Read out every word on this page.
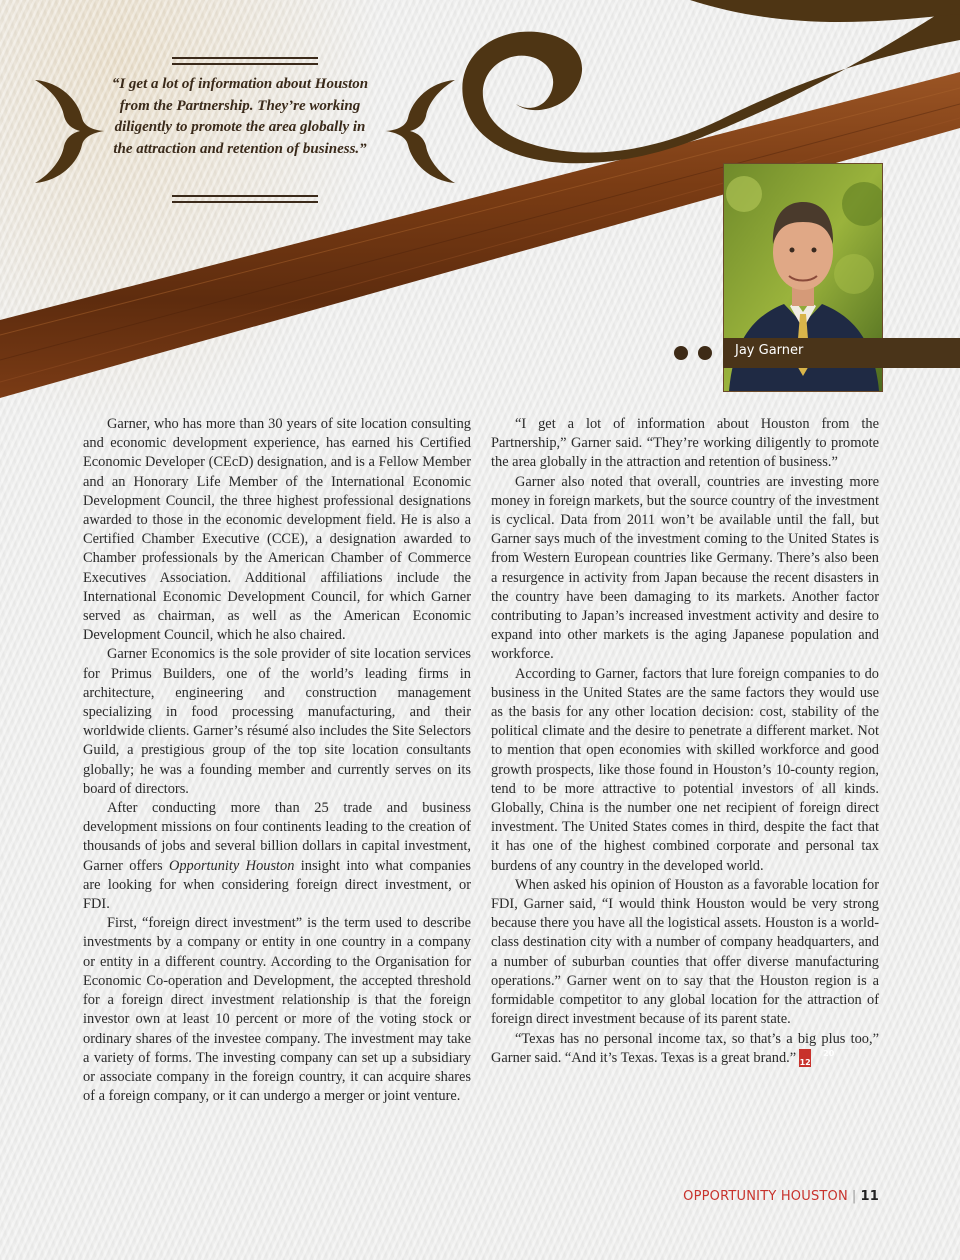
“I get a lot of information about Houston from the Partnership. They’re working diligently to promote the area globally in the attraction and retention of business.”
Jay Garner

Garner, who has more than 30 years of site location consulting and economic development experience, has earned his Certified Economic Developer (CEcD) designation, and is a Fellow Member and an Honorary Life Member of the International Economic Development Council, the three highest professional designations awarded to those in the economic development field. He is also a Certified Chamber Executive (CCE), a designation awarded to Chamber professionals by the American Chamber of Commerce Executives Association. Additional affiliations include the International Economic Development Council, for which Garner served as chairman, as well as the American Economic Development Council, which he also chaired.

Garner Economics is the sole provider of site location services for Primus Builders, one of the world’s leading firms in architecture, engineering and construction management specializing in food processing manufacturing, and their worldwide clients. Garner’s résumé also includes the Site Selectors Guild, a prestigious group of the top site location consultants globally; he was a founding member and currently serves on its board of directors.

After conducting more than 25 trade and business development missions on four continents leading to the creation of thousands of jobs and several billion dollars in capital investment, Garner offers Opportunity Houston insight into what companies are looking for when considering foreign direct investment, or FDI.

First, “foreign direct investment” is the term used to describe investments by a company or entity in one country in a company or entity in a different country. According to the Organisation for Economic Co-operation and Development, the accepted threshold for a foreign direct investment relationship is that the foreign investor own at least 10 percent or more of the voting stock or ordinary shares of the investee company. The investment may take a variety of forms. The investing company can set up a subsidiary or associate company in the foreign country, it can acquire shares of a foreign company, or it can undergo a merger or joint venture.

“I get a lot of information about Houston from the Partnership,” Garner said. “They’re working diligently to promote the area globally in the attraction and retention of business.”

Garner also noted that overall, countries are investing more money in foreign markets, but the source country of the investment is cyclical. Data from 2011 won’t be available until the fall, but Garner says much of the investment coming to the United States is from Western European countries like Germany. There’s also been a resurgence in activity from Japan because the recent disasters in the country have been damaging to its markets. Another factor contributing to Japan’s increased investment activity and desire to expand into other markets is the aging Japanese population and workforce.

According to Garner, factors that lure foreign companies to do business in the United States are the same factors they would use as the basis for any other location decision: cost, stability of the political climate and the desire to penetrate a different market. Not to mention that open economies with skilled workforce and good growth prospects, like those found in Houston’s 10-county region, tend to be more attractive to potential investors of all kinds. Globally, China is the number one net recipient of foreign direct investment. The United States comes in third, despite the fact that it has one of the highest combined corporate and personal tax burdens of any country in the developed world.

When asked his opinion of Houston as a favorable location for FDI, Garner said, “I would think Houston would be very strong because there you have all the logistical assets. Houston is a world-class destination city with a number of company headquarters, and a number of suburban counties that offer diverse manufacturing operations.” Garner went on to say that the Houston region is a formidable competitor to any global location for the attraction of foreign direct investment because of its parent state.

“Texas has no personal income tax, so that’s a big plus too,” Garner said. “And it’s Texas. Texas is a great brand.”	20
12

OPPORTUNITY HOUSTON | 11
